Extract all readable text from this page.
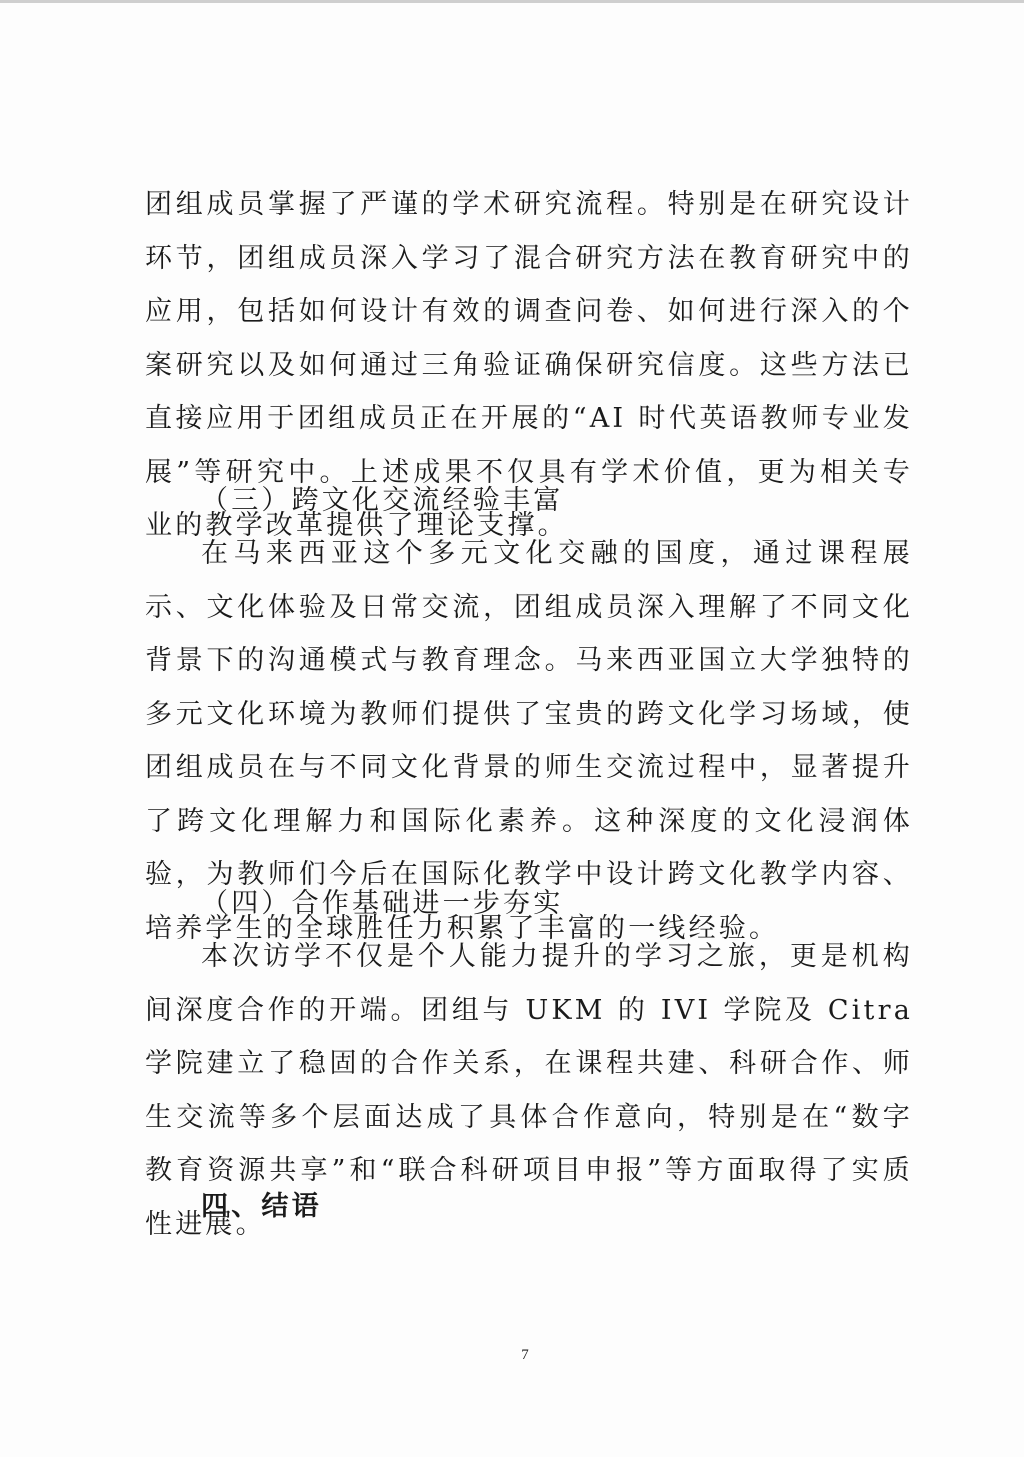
团组成员掌握了严谨的学术研究流程。特别是在研究设计环节，团组成员深入学习了混合研究方法在教育研究中的应用，包括如何设计有效的调查问卷、如何进行深入的个案研究以及如何通过三角验证确保研究信度。这些方法已直接应用于团组成员正在开展的“AI 时代英语教师专业发展”等研究中。上述成果不仅具有学术价值，更为相关专业的教学改革提供了理论支撑。

（三）跨文化交流经验丰富

在马来西亚这个多元文化交融的国度，通过课程展示、文化体验及日常交流，团组成员深入理解了不同文化背景下的沟通模式与教育理念。马来西亚国立大学独特的多元文化环境为教师们提供了宝贵的跨文化学习场域，使团组成员在与不同文化背景的师生交流过程中，显著提升了跨文化理解力和国际化素养。这种深度的文化浸润体验，为教师们今后在国际化教学中设计跨文化教学内容、培养学生的全球胜任力积累了丰富的一线经验。

（四）合作基础进一步夯实

本次访学不仅是个人能力提升的学习之旅，更是机构间深度合作的开端。团组与 UKM 的 IVI 学院及 Citra 学院建立了稳固的合作关系，在课程共建、科研合作、师生交流等多个层面达成了具体合作意向，特别是在“数字教育资源共享”和“联合科研项目申报”等方面取得了实质性进展。

四、结语

7
